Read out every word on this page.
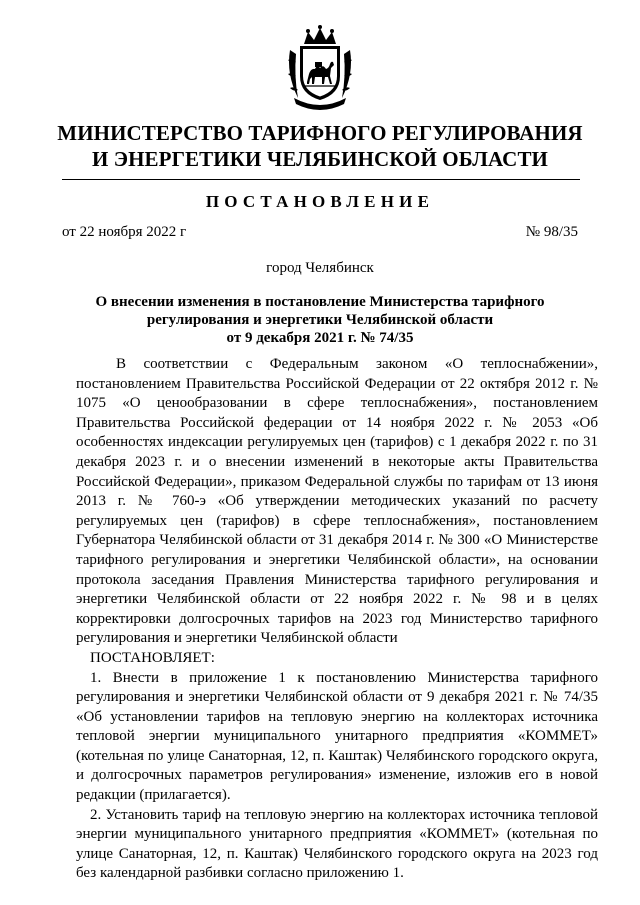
МИНИСТЕРСТВО ТАРИФНОГО РЕГУЛИРОВАНИЯ
И ЭНЕРГЕТИКИ ЧЕЛЯБИНСКОЙ ОБЛАСТИ
ПОСТАНОВЛЕНИЕ
от 22 ноября 2022 г	№ 98/35
город Челябинск
О внесении изменения в постановление Министерства тарифного
регулирования и энергетики Челябинской области
от 9 декабря 2021 г. № 74/35

В соответствии с Федеральным законом «О теплоснабжении», постановлением Правительства Российской Федерации от 22 октября 2012 г. № 1075 «О ценообразовании в сфере теплоснабжения», постановлением Правительства Российской федерации от 14 ноября 2022 г. № 2053 «Об особенностях индексации регулируемых цен (тарифов) с 1 декабря 2022 г. по 31 декабря 2023 г. и о внесении изменений в некоторые акты Правительства Российской Федерации», приказом Федеральной службы по тарифам от 13 июня 2013 г. № 760-э «Об утверждении методических указаний по расчету регулируемых цен (тарифов) в сфере теплоснабжения», постановлением Губернатора Челябинской области от 31 декабря 2014 г. № 300 «О Министерстве тарифного регулирования и энергетики Челябинской области», на основании протокола заседания Правления Министерства тарифного регулирования и энергетики Челябинской области от 22 ноября 2022 г. № 98 и в целях корректировки долгосрочных тарифов на 2023 год Министерство тарифного регулирования и энергетики Челябинской области

ПОСТАНОВЛЯЕТ:

1. Внести в приложение 1 к постановлению Министерства тарифного регулирования и энергетики Челябинской области от 9 декабря 2021 г. № 74/35 «Об установлении тарифов на тепловую энергию на коллекторах источника тепловой энергии муниципального унитарного предприятия «КОММЕТ» (котельная по улице Санаторная, 12, п. Каштак) Челябинского городского округа, и долгосрочных параметров регулирования» изменение, изложив его в новой редакции (прилагается).

2. Установить тариф на тепловую энергию на коллекторах источника тепловой энергии муниципального унитарного предприятия «КОММЕТ» (котельная по улице Санаторная, 12, п. Каштак) Челябинского городского округа на 2023 год без календарной разбивки согласно приложению 1.
